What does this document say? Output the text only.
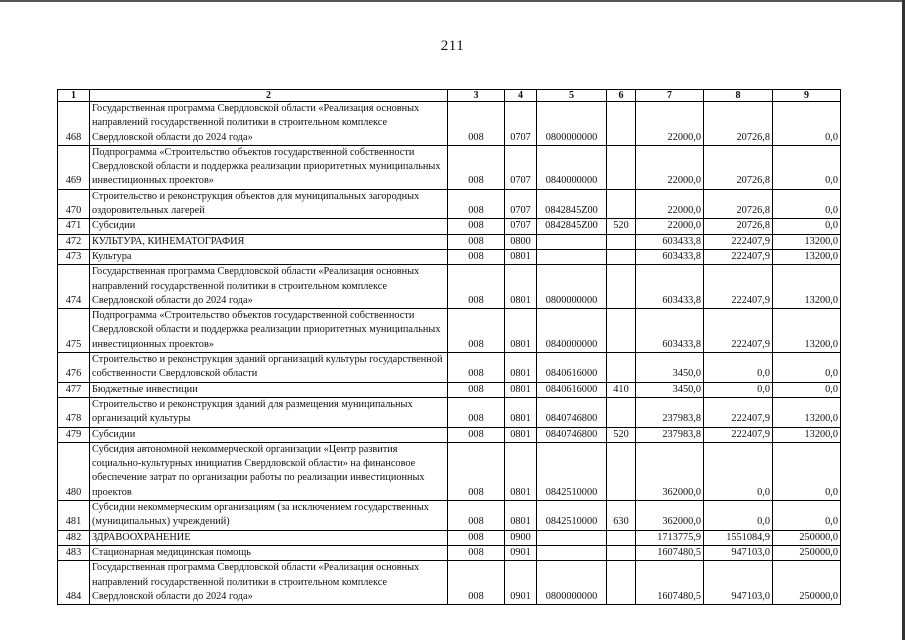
211
1	2	3	4	5	6	7	8	9
468	Государственная программа Свердловской области «Реализация основных направлений государственной политики в строительном комплексе Свердловской области до 2024 года»	008	0707	0800000000		22000,0	20726,8	0,0
469	Подпрограмма «Строительство объектов государственной собственности Свердловской области и поддержка реализации приоритетных муниципальных инвестиционных проектов»	008	0707	0840000000		22000,0	20726,8	0,0
470	Строительство и реконструкция объектов для муниципальных загородных оздоровительных лагерей	008	0707	0842845Z00		22000,0	20726,8	0,0
471	Субсидии	008	0707	0842845Z00	520	22000,0	20726,8	0,0
472	КУЛЬТУРА, КИНЕМАТОГРАФИЯ	008	0800			603433,8	222407,9	13200,0
473	Культура	008	0801			603433,8	222407,9	13200,0
474	Государственная программа Свердловской области «Реализация основных направлений государственной политики в строительном комплексе Свердловской области до 2024 года»	008	0801	0800000000		603433,8	222407,9	13200,0
475	Подпрограмма «Строительство объектов государственной собственности Свердловской области и поддержка реализации приоритетных муниципальных инвестиционных проектов»	008	0801	0840000000		603433,8	222407,9	13200,0
476	Строительство и реконструкция зданий организаций культуры государственной собственности Свердловской области	008	0801	0840616000		3450,0	0,0	0,0
477	Бюджетные инвестиции	008	0801	0840616000	410	3450,0	0,0	0,0
478	Строительство и реконструкция зданий для размещения муниципальных организаций культуры	008	0801	0840746800		237983,8	222407,9	13200,0
479	Субсидии	008	0801	0840746800	520	237983,8	222407,9	13200,0
480	Субсидия автономной некоммерческой организации «Центр развития социально-культурных инициатив Свердловской области» на финансовое обеспечение затрат по организации работы по реализации инвестиционных проектов	008	0801	0842510000		362000,0	0,0	0,0
481	Субсидии некоммерческим организациям (за исключением государственных (муниципальных) учреждений)	008	0801	0842510000	630	362000,0	0,0	0,0
482	ЗДРАВООХРАНЕНИЕ	008	0900			1713775,9	1551084,9	250000,0
483	Стационарная медицинская помощь	008	0901			1607480,5	947103,0	250000,0
484	Государственная программа Свердловской области «Реализация основных направлений государственной политики в строительном комплексе Свердловской области до 2024 года»	008	0901	0800000000		1607480,5	947103,0	250000,0
